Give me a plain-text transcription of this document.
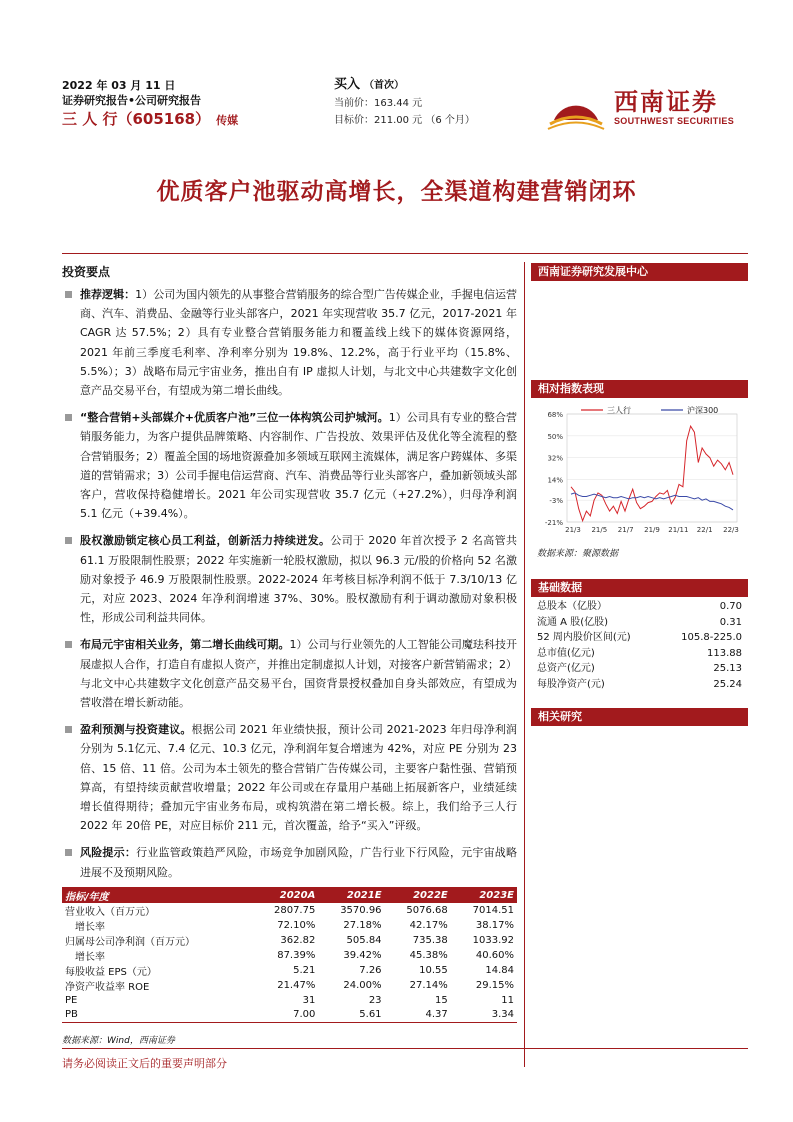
2022 年 03 月 11 日
证券研究报告•公司研究报告
三 人 行（605168） 传媒
买入 （首次）
当前价：163.44 元
目标价：211.00 元 （6 个月）
西南证券
SOUTHWEST SECURITIES
优质客户池驱动高增长，全渠道构建营销闭环
投资要点
推荐逻辑：1）公司为国内领先的从事整合营销服务的综合型广告传媒企业，手握电信运营商、汽车、消费品、金融等行业头部客户，2021 年实现营收 35.7 亿元，2017-2021 年 CAGR 达 57.5%；2）具有专业整合营销服务能力和覆盖线上线下的媒体资源网络，2021 年前三季度毛利率、净利率分别为 19.8%、12.2%，高于行业平均（15.8%、5.5%）；3）战略布局元宇宙业务，推出自有 IP 虚拟人计划，与北文中心共建数字文化创意产品交易平台，有望成为第二增长曲线。
“整合营销+头部媒介+优质客户池”三位一体构筑公司护城河。1）公司具有专业的整合营销服务能力，为客户提供品牌策略、内容制作、广告投放、效果评估及优化等全流程的整合营销服务；2）覆盖全国的场地资源叠加多领域互联网主流媒体，满足客户跨媒体、多渠道的营销需求；3）公司手握电信运营商、汽车、消费品等行业头部客户，叠加新领域头部客户，营收保持稳健增长。2021 年公司实现营收 35.7 亿元（+27.2%），归母净利润 5.1 亿元（+39.4%）。
股权激励锁定核心员工利益，创新活力持续迸发。公司于 2020 年首次授予 2 名高管共 61.1 万股限制性股票；2022 年实施新一轮股权激励，拟以 96.3 元/股的价格向 52 名激励对象授予 46.9 万股限制性股票。2022-2024 年考核目标净利润不低于 7.3/10/13 亿元，对应 2023、2024 年净利润增速 37%、30%。股权激励有利于调动激励对象积极性，形成公司利益共同体。
布局元宇宙相关业务，第二增长曲线可期。1）公司与行业领先的人工智能公司魔珐科技开展虚拟人合作，打造自有虚拟人资产，并推出定制虚拟人计划，对接客户新营销需求；2）与北文中心共建数字文化创意产品交易平台，国资背景授权叠加自身头部效应，有望成为营收潜在增长新动能。
盈利预测与投资建议。根据公司 2021 年业绩快报，预计公司 2021-2023 年归母净利润分别为 5.1亿元、7.4 亿元、10.3 亿元，净利润年复合增速为 42%，对应 PE 分别为 23 倍、15 倍、11 倍。公司为本土领先的整合营销广告传媒公司，主要客户黏性强、营销预算高，有望持续贡献营收增量；2022 年公司或在存量用户基础上拓展新客户，业绩延续增长值得期待；叠加元宇宙业务布局，或构筑潜在第二增长极。综上，我们给予三人行 2022 年 20倍 PE，对应目标价 211 元，首次覆盖，给予“买入”评级。
风险提示：行业监管政策趋严风险，市场竞争加剧风险，广告行业下行风险，元宇宙战略进展不及预期风险。
指标/年度	2020A	2021E	2022E	2023E
营业收入（百万元）	2807.75	3570.96	5076.68	7014.51
增长率	72.10%	27.18%	42.17%	38.17%
归属母公司净利润（百万元）	362.82	505.84	735.38	1033.92
增长率	87.39%	39.42%	45.38%	40.60%
每股收益 EPS（元）	5.21	7.26	10.55	14.84
净资产收益率 ROE	21.47%	24.00%	27.14%	29.15%
PE	31	23	15	11
PB	7.00	5.61	4.37	3.34
数据来源：Wind，西南证券
西南证券研究发展中心
相对指数表现
68%
50%
32%
14%
-3%
-21%
21/3 21/5 21/7 21/9 21/11 22/1 22/3
三人行	沪深300
数据来源：聚源数据
基础数据
总股本（亿股）	0.70
流通 A 股(亿股)	0.31
52 周内股价区间(元)	105.8-225.0
总市值(亿元)	113.88
总资产(亿元)	25.13
每股净资产(元)	25.24
相关研究
请务必阅读正文后的重要声明部分
